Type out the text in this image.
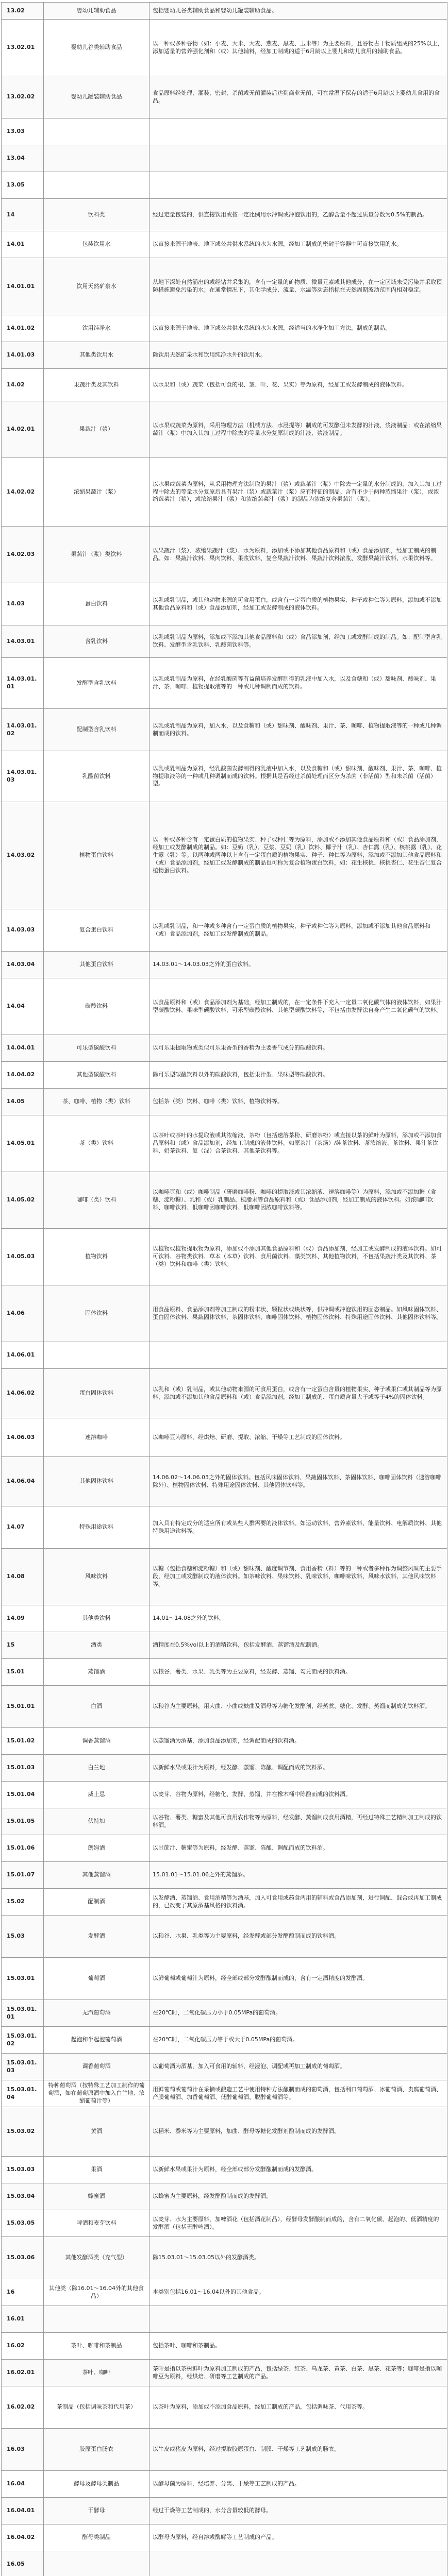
13.02	婴幼儿辅助食品	包括婴幼儿谷类辅助食品和婴幼儿罐装辅助食品。
13.02.01	婴幼儿谷类辅助食品	以一种或多种谷物（如：小麦、大米、大麦、燕麦、黑麦、玉米等）为主要原料，且谷物占干物质组成的25%以上，添加适量的营养强化剂和（或）其他辅料，经加工制成的适于6月龄以上婴儿和幼儿食用的辅助食品。
13.02.02	婴幼儿罐装辅助食品	食品原料经处理、灌装、密封、杀菌或无菌灌装后达到商业无菌，可在常温下保存的适于6月龄以上婴幼儿食用的食品。
13.03		
13.04		
13.05		
14	饮料类	经过定量包装的，供直接饮用或按一定比例用水冲调或冲泡饮用的，乙醇含量不超过质量分数为0.5%的制品。
14.01	包装饮用水	以直接来源于地表、地下或公共供水系统的水为水源，经加工制成的密封于容器中可直接饮用的水。
14.01.01	饮用天然矿泉水	从地下深处自然涌出的或经钻井采集的，含有一定量的矿物质、微量元素或其他成分，在一定区域未受污染并采取预防措施避免污染的水；在通常情况下，其化学成分、流量、水温等动态指标在天然周期波动范围内相对稳定。
14.01.02	饮用纯净水	以直接来源于地表、地下或公共供水系统的水为水源，经适当的水净化加工方法，制成的制品。
14.01.03	其他类饮用水	除饮用天然矿泉水和饮用纯净水外的饮用水。
14.02	果蔬汁类及其饮料	以水果和（或）蔬菜（包括可食的根、茎、叶、花、果实）等为原料，经加工或发酵制成的液体饮料。
14.02.01	果蔬汁（浆）	以水果或蔬菜为原料，采用物理方法（机械方法、水浸提等）制成的可发酵但未发酵的汁液、浆液制品；或在浓缩果蔬汁（浆）中加入其加工过程中除去的等量水分复原制成的汁液、浆液制品。
14.02.02	浓缩果蔬汁（浆）	以水果或蔬菜为原料，从采用物理方法制取的果汁（浆）或蔬菜汁（浆）中除去一定量的水分制成的、加入其加工过程中除去的等量水分复原后具有果汁（浆）或蔬菜汁（浆）应有特征的制品。含有不少于两种浓缩果汁（浆），或浓缩蔬菜汁（浆），或浓缩果汁（浆）和浓缩蔬菜汁（浆）的制品为浓缩复合果蔬汁（浆）。
14.02.03	果蔬汁（浆）类饮料	以果蔬汁（浆）、浓缩果蔬汁（浆）、水为原料，添加或不添加其他食品原料和（或）食品添加剂，经加工制成的制品。如：果蔬汁饮料、果肉饮料、果浆饮料、复合果蔬汁饮料、果蔬汁饮料浓浆、发酵果蔬汁饮料、水果饮料等。
14.03	蛋白饮料	以乳或乳制品，或其他动物来源的可食用蛋白，或含有一定蛋白质的植物果实、种子或种仁等为原料，添加或不添加其他食品原料和（或）食品添加剂，经加工或发酵制成的液体饮料。
14.03.01	含乳饮料	以乳或乳制品为原料，添加或不添加其他食品原料和（或）食品添加剂，经加工或发酵制成的制品。如：配制型含乳饮料、发酵型含乳饮料、乳酸菌饮料等。
14.03.01.01	发酵型含乳饮料	以乳或乳制品为原料，在经乳酸菌等有益菌培养发酵制得的乳液中加入水，以及食糖和（或）甜味剂、酸味剂、果汁、茶、咖啡、植物提取液等的一种或几种调制而成的饮料。
14.03.01.02	配制型含乳饮料	以乳或乳制品为原料，加入水，以及食糖和（或）甜味剂、酸味剂、果汁、茶、咖啡、植物提取液等的一种或几种调制而成的饮料。
14.03.01.03	乳酸菌饮料	以乳或乳制品为原料，经乳酸菌发酵制得的乳液中加入水，以及食糖和（或）甜味剂、酸味剂、果汁、茶、咖啡、植物提取液等的一种或几种调制而成的饮料。根据其是否经过杀菌处理而区分为杀菌（非活菌）型和未杀菌（活菌）型。
14.03.02	植物蛋白饮料	以一种或多种含有一定蛋白质的植物果实、种子或种仁等为原料，添加或不添加其他食品原料和（或）食品添加剂，经加工或发酵制成的制品。如：豆奶（乳）、豆浆、豆奶（乳）饮料、椰子汁（乳）、杏仁露（乳）、核桃露（乳）、花生露（乳）等。以两种或两种以上含有一定蛋白质的植物果实、种子、种仁等为原料，添加或不添加其他食品原料和（或）食品添加剂，经加工或发酵制成的制品也可称为复合植物蛋白饮料，如：花生核桃、核桃杏仁、花生杏仁复合植物蛋白饮料。
14.03.03	复合蛋白饮料	以乳或乳制品，和一种或多种含有一定蛋白质的植物果实、种子或种仁等为原料，添加或不添加其他食品原料和（或）食品添加剂，经加工或发酵制成的制品。
14.03.04	其他蛋白饮料	14.03.01～14.03.03之外的蛋白饮料。
14.04	碳酸饮料	以食品原料和（或）食品添加剂为基础，经加工制成的，在一定条件下充入一定量二氧化碳气体的液体饮料，如果汁型碳酸饮料、果味型碳酸饮料、可乐型碳酸饮料、其他型碳酸饮料等，不包括由发酵法自身产生二氧化碳气的饮料。
14.04.01	可乐型碳酸饮料	以可乐果提取物或类似可乐果香型的香精为主要香气成分的碳酸饮料。
14.04.02	其他型碳酸饮料	除可乐型碳酸饮料以外的碳酸饮料，包括果汁型、果味型等碳酸饮料。
14.05	茶、咖啡、植物（类）饮料	包括茶（类）饮料、咖啡（类）饮料、植物饮料等。
14.05.01	茶（类）饮料	以茶叶或茶叶的水提取液或其浓缩液、茶粉（包括速溶茶粉、研磨茶粉）或直接以茶的鲜叶为原料，添加或不添加食品原料和（或）食品添加剂，经加工制成的液体饮料。如原茶汁（茶汤）/纯茶饮料、茶浓缩液、茶饮料、果汁茶饮料、奶茶饮料、复（混）合茶饮料、其他茶饮料等。
14.05.02	咖啡（类）饮料	以咖啡豆和（或）咖啡制品（研磨咖啡粉、咖啡的提取液或其浓缩液、速溶咖啡等）为原料，添加或不添加糖（食糖、淀粉糖）、乳和（或）乳制品、植脂末等食品原料和（或）食品添加剂，经加工制成的液体饮料。如浓咖啡饮料、咖啡饮料、低咖啡因咖啡饮料、低咖啡因浓咖啡饮料等。
14.05.03	植物饮料	以植物或植物提取物为原料，添加或不添加其他食品原料和（或）食品添加剂，经加工或发酵制成的液体饮料。如可可饮料、谷物类饮料、草本（本草）饮料、食用菌饮料、藻类饮料、其他植物饮料，不包括果蔬汁类及其饮料、茶（类）饮料和咖啡（类）饮料。
14.06	固体饮料	用食品原料、食品添加剂等加工制成的粉末状、颗粒状或块状等，供冲调或冲泡饮用的固态制品。如风味固体饮料、蛋白固体饮料、果蔬固体饮料、茶固体饮料、咖啡固体饮料、植物固体饮料、特殊用途固体饮料、其他固体饮料等。
14.06.01		
14.06.02	蛋白固体饮料	以乳和（或）乳制品，或其他动物来源的可食用蛋白，或含有一定蛋白含量的植物果实、种子或果仁或其制品等为原料，添加或不添加其他食品原料和（或）食品添加剂，经加工制成的、蛋白质含量大于或等于4%的固体饮料。
14.06.03	速溶咖啡	以咖啡豆为原料，经烘焙、研磨、提取、浓缩、干燥等工艺制成的固体饮料。
14.06.04	其他固体饮料	14.06.02～14.06.03之外的固体饮料。包括风味固体饮料、果蔬固体饮料、茶固体饮料、咖啡固体饮料（速溶咖啡除外）、植物固体饮料、特殊用途固体饮料、其他固体饮料等。
14.07	特殊用途饮料	加入具有特定成分的适应所有或某些人群需要的液体饮料。如运动饮料、营养素饮料、能量饮料、电解质饮料、其他特殊用途饮料等。
14.08	风味饮料	以糖（包括食糖和淀粉糖）和（或）甜味剂、酸度调节剂、食用香精（料）等的一种或者多种作为调整风味的主要手段，经加工或发酵制成的液体饮料。如茶味饮料、果味饮料、乳味饮料、咖啡味饮料、风味水饮料、其他风味饮料等。
14.09	其他类饮料	14.01～14.08之外的饮料。
15	酒类	酒精度在0.5%vol以上的酒精饮料，包括发酵酒、蒸馏酒及配制酒。
15.01	蒸馏酒	以粮谷、薯类、水果、乳类等为主要原料，经发酵、蒸馏、勾兑而成的饮料酒。
15.01.01	白酒	以粮谷为主要原料，用大曲、小曲或麸曲及酒母等为糖化发酵剂，经蒸煮、糖化、发酵、蒸馏而制成的饮料酒。
15.01.02	调香蒸馏酒	以蒸馏酒为酒基，添加食品添加剂，经调配而成的饮料酒。
15.01.03	白兰地	以新鲜水果或果汁为原料，经发酵、蒸馏、陈酿、调配而成的饮料酒。
15.01.04	威士忌	以麦芽、谷物为原料，经糖化、发酵、蒸馏，并在橡木桶中陈酿而成的饮料酒。
15.01.05	伏特加	以谷物、薯类、糖蜜及其他可食用农作物等为原料，经发酵、蒸馏制成食用酒精，再经过特殊工艺精制加工制成的饮料酒。
15.01.06	朗姆酒	以甘蔗汁、糖蜜等为原料，经发酵、蒸馏、陈酿、调配而成的饮料酒。
15.01.07	其他蒸馏酒	15.01.01～15.01.06之外的蒸馏酒。
15.02	配制酒	以发酵酒、蒸馏酒、食用酒精等为酒基，加入可食用或药食两用的辅料或食品添加剂，进行调配、混合或再加工制成的，已改变了其原酒基风格的饮料酒。
15.03	发酵酒	以粮谷、水果、乳类等为主要原料，经发酵或部分发酵酿制而成的饮料酒。
15.03.01	葡萄酒	以鲜葡萄或葡萄汁为原料，经全部或部分发酵酿制而成的，含有一定酒精度的发酵酒。
15.03.01.01	无汽葡萄酒	在20℃时，二氧化碳压力小于0.05MPa的葡萄酒。
15.03.01.02	起泡和半起泡葡萄酒	在20℃时，二氧化碳压力等于或大于0.05MPa的葡萄酒。
15.03.01.03	调香葡萄酒	以葡萄酒为酒基，加入可食用的辅料，经浸泡、调配或再加工制成的葡萄酒。
15.03.01.04	特种葡萄酒（按特殊工艺加工制作的葡萄酒，如在葡萄原酒中加入白兰地、浓缩葡萄汁等）	用鲜葡萄或葡萄汁在采摘或酿造工艺中使用特种方法酿制而成的葡萄酒，包括利口葡萄酒、冰葡萄酒、贵腐葡萄酒、产膜葡萄酒、加香葡萄酒、低醇葡萄酒、脱醇葡萄酒等。
15.03.02	黄酒	以稻米、黍米等为主要原料，加曲、酵母等糖化发酵剂酿制而成的发酵酒。
15.03.03	果酒	以新鲜水果或果汁为原料，经全部或部分发酵酿制而成的发酵酒。
15.03.04	蜂蜜酒	以蜂蜜为主要原料，经发酵酿制而成的发酵酒。
15.03.05	啤酒和麦芽饮料	以麦芽、水为主要原料，加啤酒花（包括酒花制品），经酵母发酵酿制而成的，含有二氧化碳、起泡的、低酒精度的发酵酒（包括无醇啤酒）。
15.03.06	其他发酵酒类（充气型）	除15.03.01～15.03.05以外的发酵酒类。
16	其他类（除16.01～16.04外的其他食品）	本类别包括16.01～16.04以外的其他食品。
16.01		
16.02	茶叶、咖啡和茶制品	包括茶叶、咖啡和茶制品。
16.02.01	茶叶、咖啡	茶叶是指以茶树鲜叶为原料加工制成的产品，包括绿茶、红茶、乌龙茶、黄茶、白茶、黑茶、花茶等；咖啡是指以咖啡豆为原料，经烘焙、研磨等工艺制成的产品。
16.02.02	茶制品（包括调味茶和代用茶）	以茶叶为原料，添加或不添加食品原料，经加工制成的产品，包括调味茶、代用茶等。
16.03	胶原蛋白肠衣	以牛皮或猪皮为原料，经过提取胶原蛋白、制膜、干燥等工艺制成的肠衣。
16.04	酵母及酵母类制品	以酵母菌为原料，经培养、分离、干燥等工艺制成的产品。
16.04.01	干酵母	经过干燥等工艺制成的，水分含量较低的酵母。
16.04.02	酵母类制品	以酵母为原料，经自溶或酶解等工艺制成的产品。
16.05		
